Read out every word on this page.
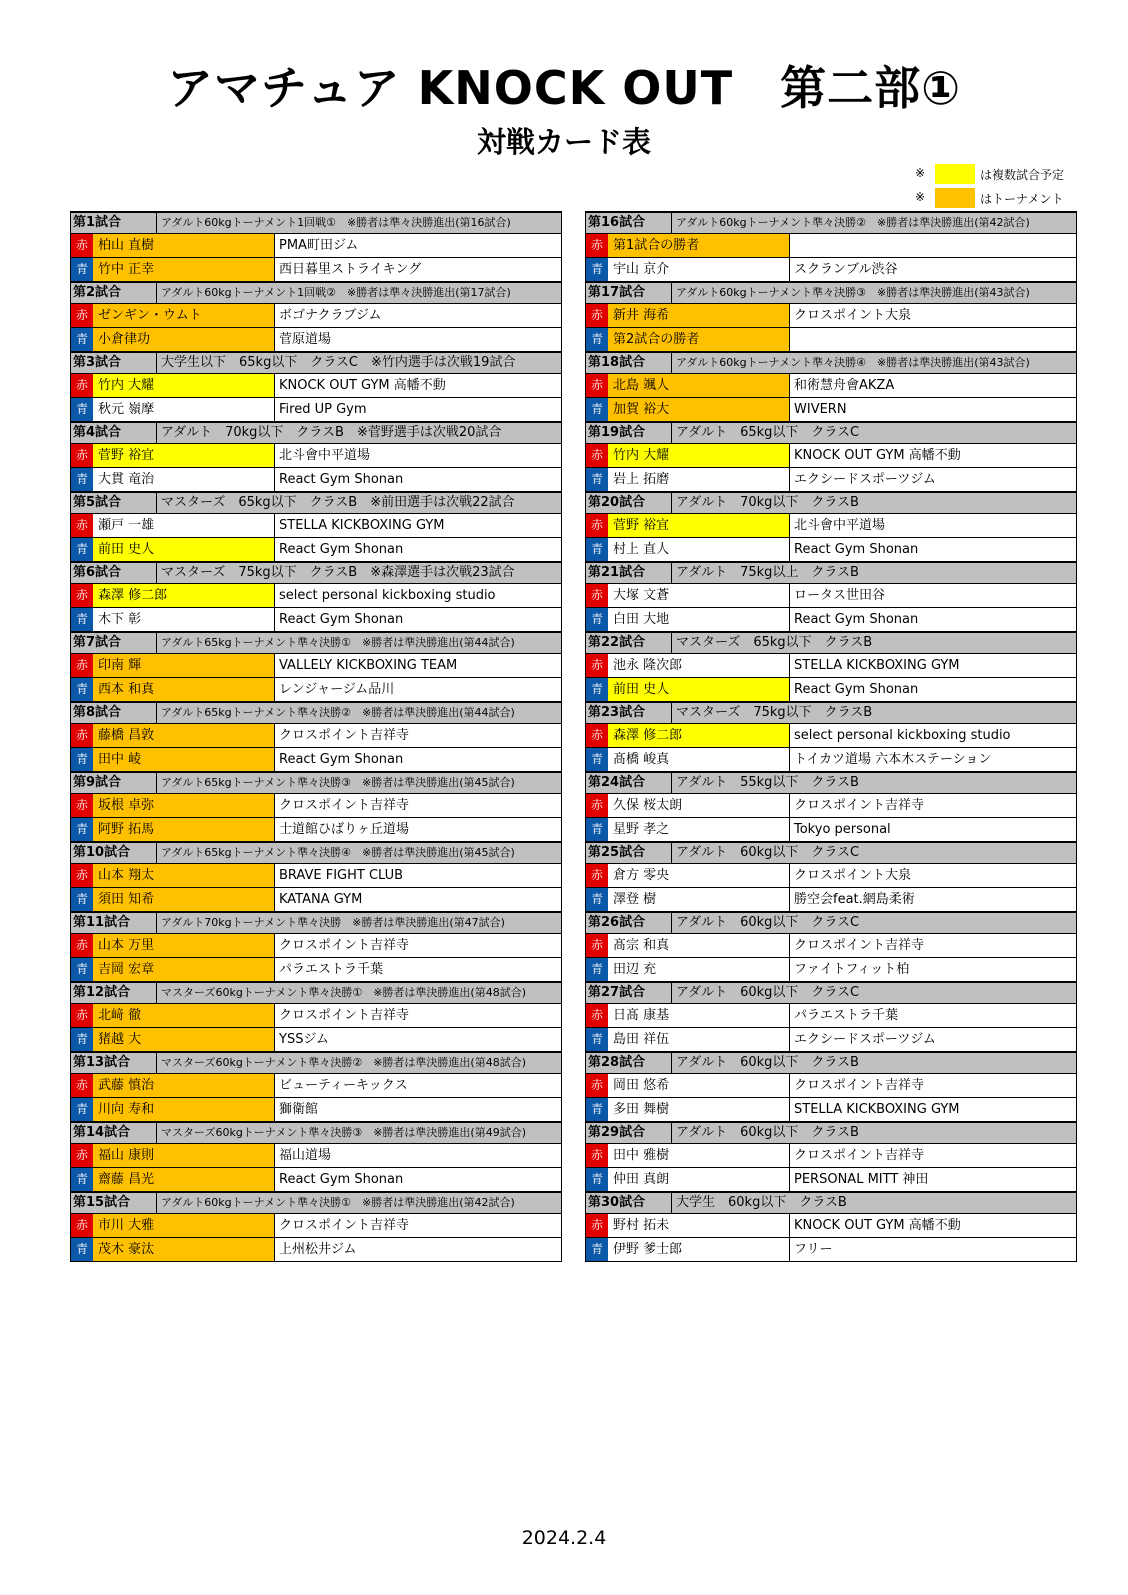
アマチュア KNOCK OUT　第二部①
対戦カード表
※	は複数試合予定
※	はトーナメント
第1試合	アダルト60kgトーナメント1回戦①　※勝者は準々決勝進出(第16試合)
赤 柏山 直樹	PMA町田ジム
青 竹中 正幸	西日暮里ストライキング
第2試合	アダルト60kgトーナメント1回戦②　※勝者は準々決勝進出(第17試合)
赤 ゼンギン・ウムト	ボゴナクラブジム
青 小倉律功	菅原道場
第3試合	大学生以下　65kg以下　クラスC　※竹内選手は次戦19試合
赤 竹内 大耀	KNOCK OUT GYM 高幡不動
青 秋元 嶺摩	Fired UP Gym
第4試合	アダルト　70kg以下　クラスB　※菅野選手は次戦20試合
赤 菅野 裕宜	北斗會中平道場
青 大貫 竜治	React Gym Shonan
第5試合	マスターズ　65kg以下　クラスB　※前田選手は次戦22試合
赤 瀬戸 一雄	STELLA KICKBOXING GYM
青 前田 史人	React Gym Shonan
第6試合	マスターズ　75kg以下　クラスB　※森澤選手は次戦23試合
赤 森澤 修二郎	select personal kickboxing studio
青 木下 彰	React Gym Shonan
第7試合	アダルト65kgトーナメント準々決勝①　※勝者は準決勝進出(第44試合)
赤 印南 輝	VALLELY KICKBOXING TEAM
青 西本 和真	レンジャージム品川
第8試合	アダルト65kgトーナメント準々決勝②　※勝者は準決勝進出(第44試合)
赤 藤橋 昌敦	クロスポイント吉祥寺
青 田中 崚	React Gym Shonan
第9試合	アダルト65kgトーナメント準々決勝③　※勝者は準決勝進出(第45試合)
赤 坂根 卓弥	クロスポイント吉祥寺
青 阿野 拓馬	士道館ひばりヶ丘道場
第10試合	アダルト65kgトーナメント準々決勝④　※勝者は準決勝進出(第45試合)
赤 山本 翔太	BRAVE FIGHT CLUB
青 須田 知希	KATANA GYM
第11試合	アダルト70kgトーナメント準々決勝　※勝者は準決勝進出(第47試合)
赤 山本 万里	クロスポイント吉祥寺
青 吉岡 宏章	パラエストラ千葉
第12試合	マスターズ60kgトーナメント準々決勝①　※勝者は準決勝進出(第48試合)
赤 北﨑 徹	クロスポイント吉祥寺
青 猪越 大	YSSジム
第13試合	マスターズ60kgトーナメント準々決勝②　※勝者は準決勝進出(第48試合)
赤 武藤 慎治	ビューティーキックス
青 川向 寿和	獅衛館
第14試合	マスターズ60kgトーナメント準々決勝③　※勝者は準決勝進出(第49試合)
赤 福山 康則	福山道場
青 齋藤 昌光	React Gym Shonan
第15試合	アダルト60kgトーナメント準々決勝①　※勝者は準決勝進出(第42試合)
赤 市川 大雅	クロスポイント吉祥寺
青 茂木 豪汰	上州松井ジム
第16試合	アダルト60kgトーナメント準々決勝②　※勝者は準決勝進出(第42試合)
赤 第1試合の勝者
青 宇山 京介	スクランブル渋谷
第17試合	アダルト60kgトーナメント準々決勝③　※勝者は準決勝進出(第43試合)
赤 新井 海希	クロスポイント大泉
青 第2試合の勝者
第18試合	アダルト60kgトーナメント準々決勝④　※勝者は準決勝進出(第43試合)
赤 北島 颯人	和術慧舟會AKZA
青 加賀 裕大	WIVERN
第19試合	アダルト　65kg以下　クラスC
赤 竹内 大耀	KNOCK OUT GYM 高幡不動
青 岩上 拓磨	エクシードスポーツジム
第20試合	アダルト　70kg以下　クラスB
赤 菅野 裕宜	北斗會中平道場
青 村上 直人	React Gym Shonan
第21試合	アダルト　75kg以上　クラスB
赤 大塚 文蒼	ロータス世田谷
青 白田 大地	React Gym Shonan
第22試合	マスターズ　65kg以下　クラスB
赤 池永 隆次郎	STELLA KICKBOXING GYM
青 前田 史人	React Gym Shonan
第23試合	マスターズ　75kg以下　クラスB
赤 森澤 修二郎	select personal kickboxing studio
青 髙橋 峻真	トイカツ道場 六本木ステーション
第24試合	アダルト　55kg以下　クラスB
赤 久保 桜太朗	クロスポイント吉祥寺
青 星野 孝之	Tokyo personal
第25試合	アダルト　60kg以下　クラスC
赤 倉方 零央	クロスポイント大泉
青 澤登 樹	勝空会feat.網島柔術
第26試合	アダルト　60kg以下　クラスC
赤 髙宗 和真	クロスポイント吉祥寺
青 田辺 充	ファイトフィット柏
第27試合	アダルト　60kg以下　クラスC
赤 日髙 康基	パラエストラ千葉
青 島田 祥伍	エクシードスポーツジム
第28試合	アダルト　60kg以下　クラスB
赤 岡田 悠希	クロスポイント吉祥寺
青 多田 舞樹	STELLA KICKBOXING GYM
第29試合	アダルト　60kg以下　クラスB
赤 田中 雅樹	クロスポイント吉祥寺
青 仲田 真朗	PERSONAL MITT 神田
第30試合	大学生　60kg以下　クラスB
赤 野村 拓未	KNOCK OUT GYM 高幡不動
青 伊野 爹士郎	フリー
2024.2.4
